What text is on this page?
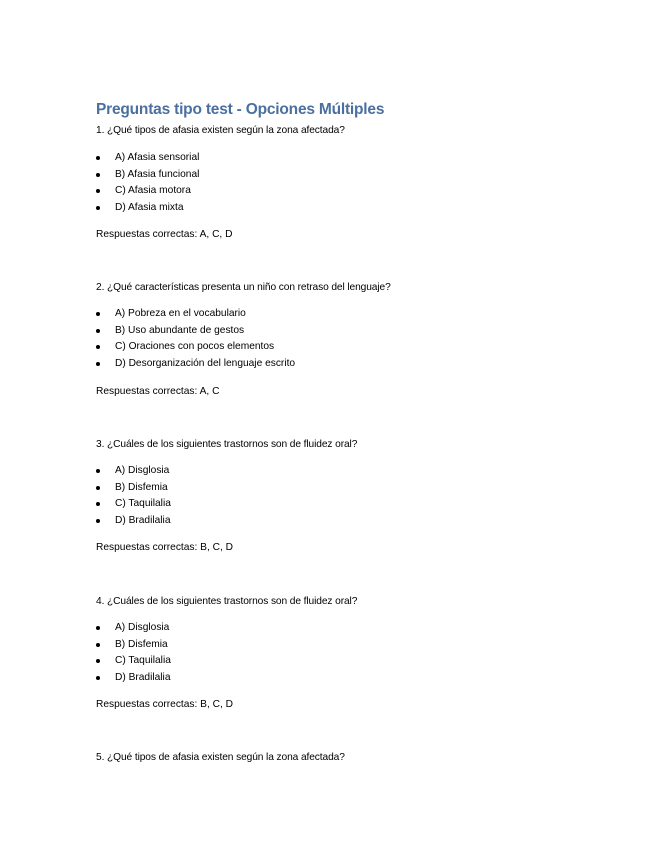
Preguntas tipo test - Opciones Múltiples
1. ¿Qué tipos de afasia existen según la zona afectada?
A) Afasia sensorial
B) Afasia funcional
C) Afasia motora
D) Afasia mixta
Respuestas correctas: A, C, D
2. ¿Qué características presenta un niño con retraso del lenguaje?
A) Pobreza en el vocabulario
B) Uso abundante de gestos
C) Oraciones con pocos elementos
D) Desorganización del lenguaje escrito
Respuestas correctas: A, C
3. ¿Cuáles de los siguientes trastornos son de fluidez oral?
A) Disglosia
B) Disfemia
C) Taquilalia
D) Bradilalia
Respuestas correctas: B, C, D
4. ¿Cuáles de los siguientes trastornos son de fluidez oral?
A) Disglosia
B) Disfemia
C) Taquilalia
D) Bradilalia
Respuestas correctas: B, C, D
5. ¿Qué tipos de afasia existen según la zona afectada?
